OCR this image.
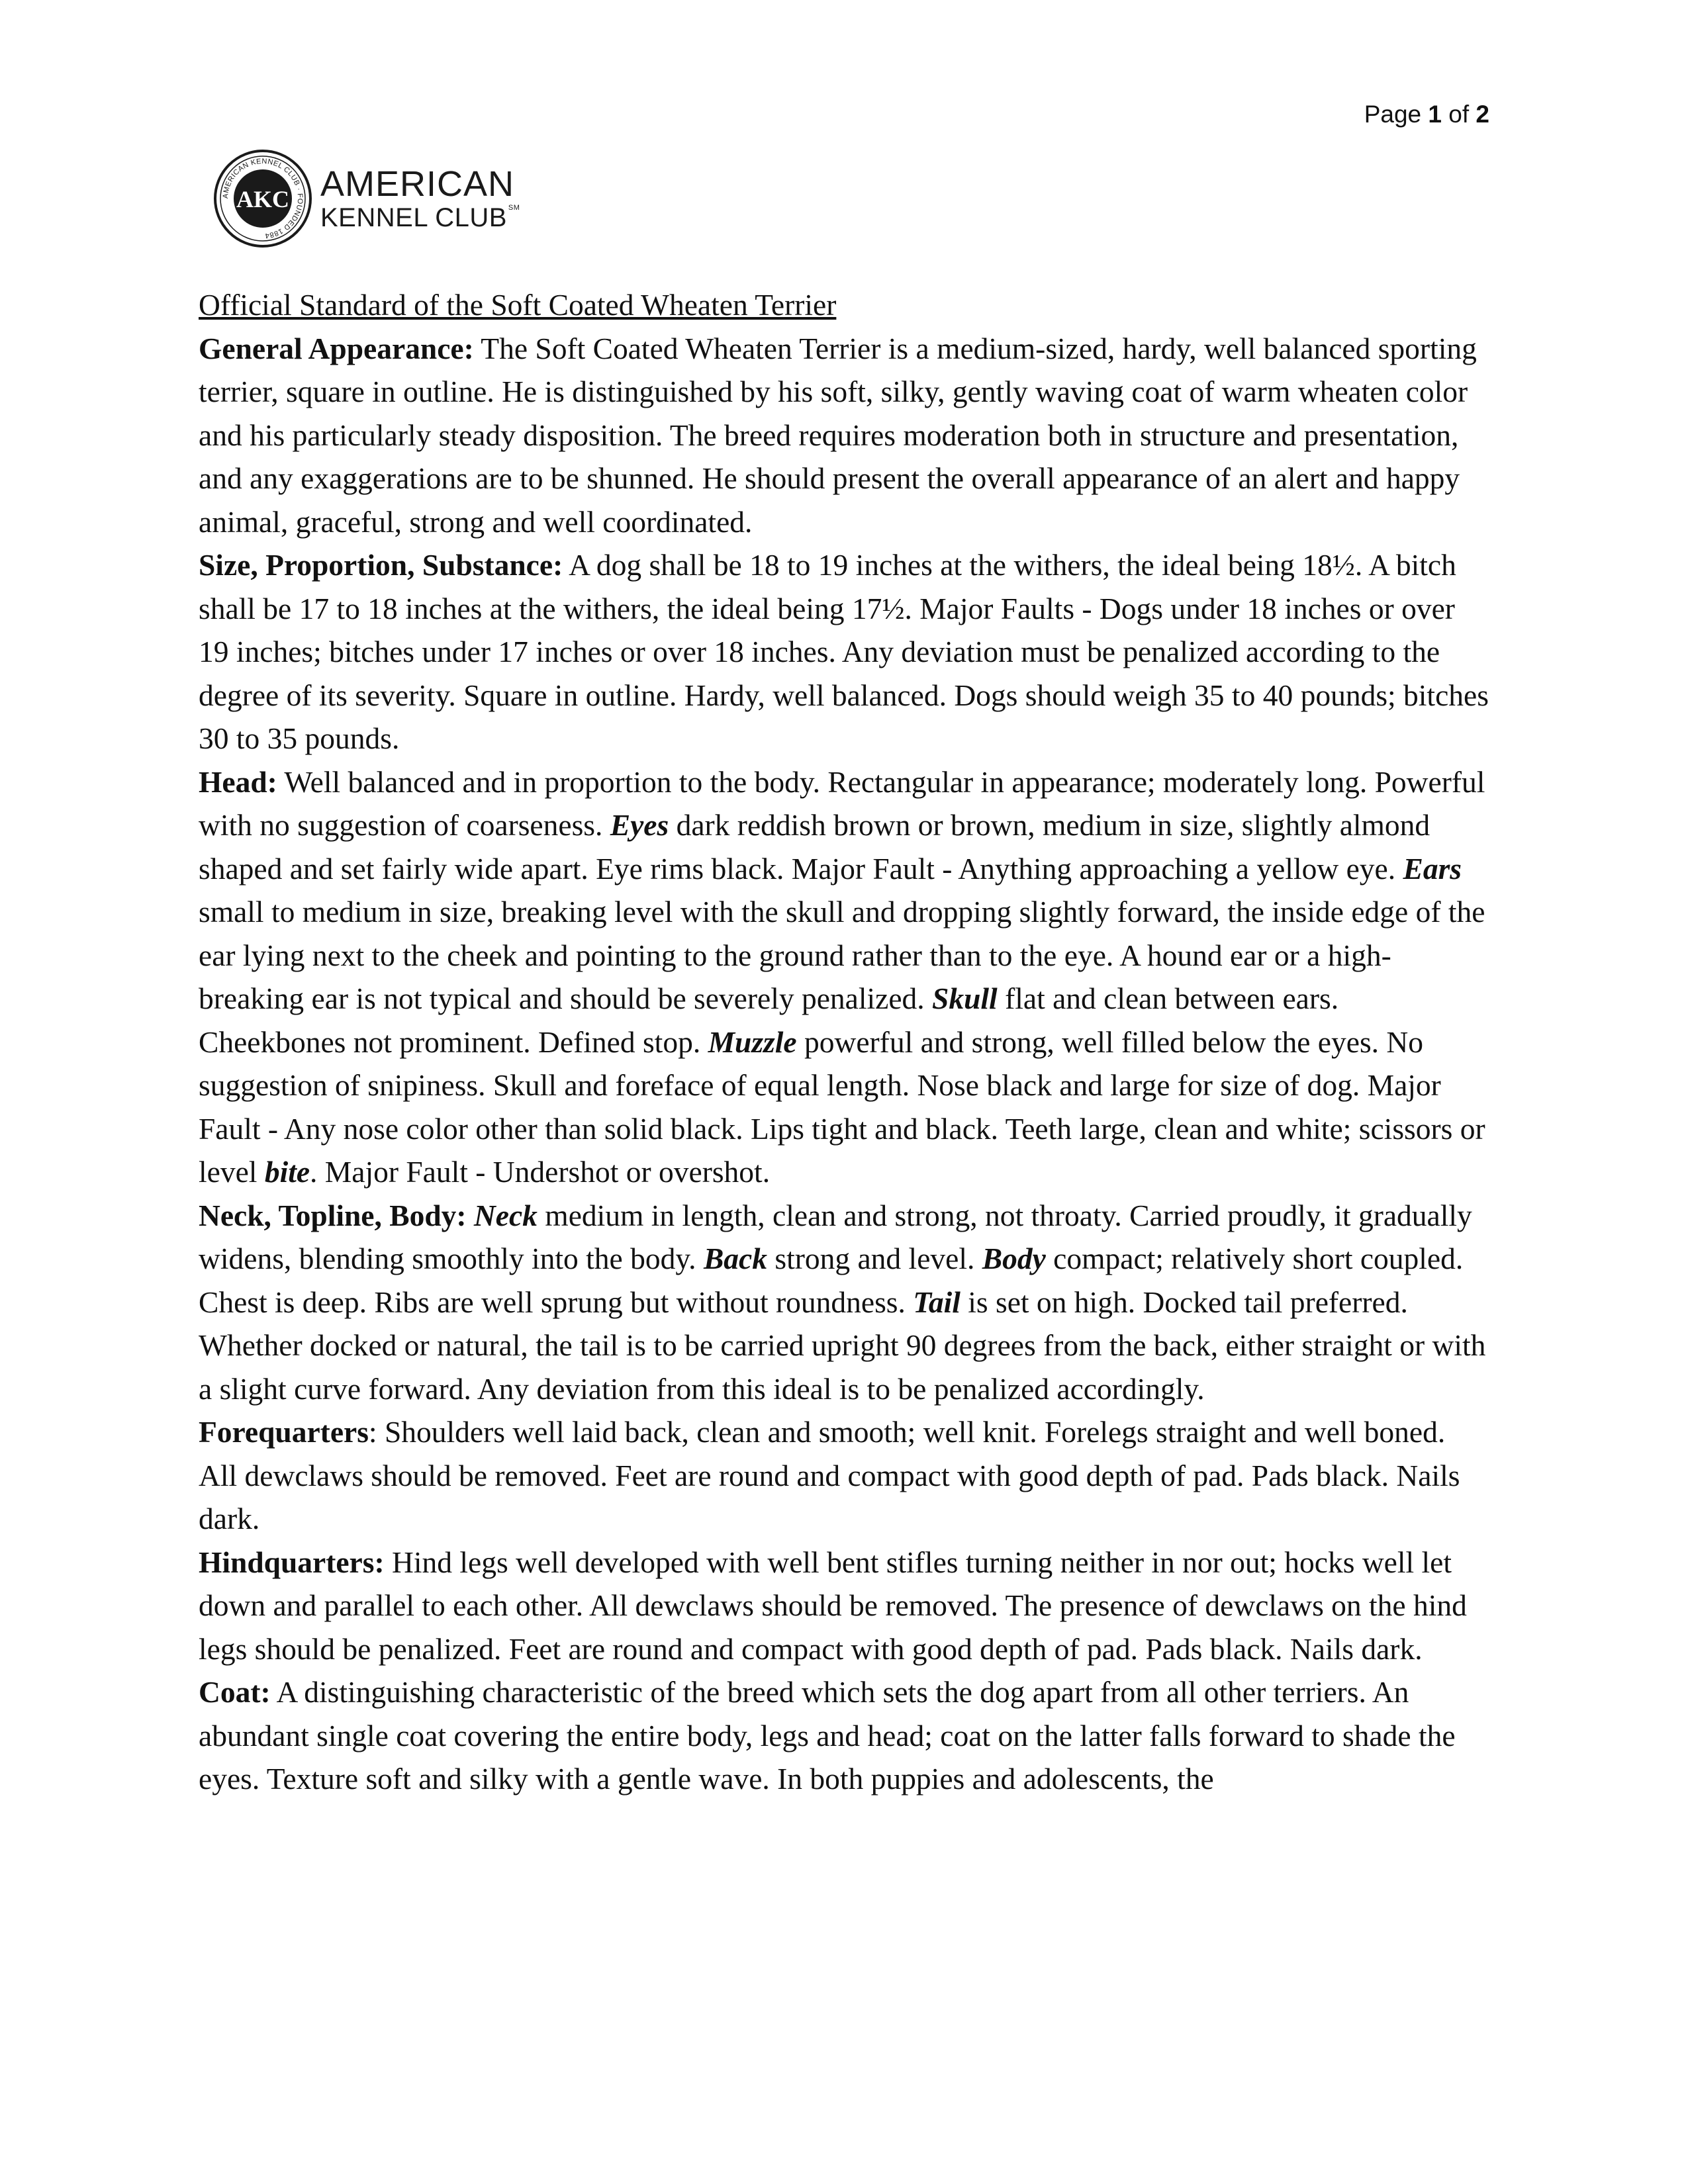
Page 1 of 2
AMERICAN KENNEL CLUB · FOUNDED 1884
AKC AMERICAN
KENNEL CLUB ℠
Official Standard of the Soft Coated Wheaten Terrier

General Appearance: The Soft Coated Wheaten Terrier is a medium-sized, hardy, well balanced sporting terrier, square in outline. He is distinguished by his soft, silky, gently waving coat of warm wheaten color and his particularly steady disposition. The breed requires moderation both in structure and presentation, and any exaggerations are to be shunned. He should present the overall appearance of an alert and happy animal, graceful, strong and well coordinated.

Size, Proportion, Substance: A dog shall be 18 to 19 inches at the withers, the ideal being 18½. A bitch shall be 17 to 18 inches at the withers, the ideal being 17½. Major Faults - Dogs under 18 inches or over 19 inches; bitches under 17 inches or over 18 inches. Any deviation must be penalized according to the degree of its severity. Square in outline. Hardy, well balanced. Dogs should weigh 35 to 40 pounds; bitches 30 to 35 pounds.

Head: Well balanced and in proportion to the body. Rectangular in appearance; moderately long. Powerful with no suggestion of coarseness. Eyes dark reddish brown or brown, medium in size, slightly almond shaped and set fairly wide apart. Eye rims black. Major Fault - Anything approaching a yellow eye. Ears small to medium in size, breaking level with the skull and dropping slightly forward, the inside edge of the ear lying next to the cheek and pointing to the ground rather than to the eye. A hound ear or a high-breaking ear is not typical and should be severely penalized. Skull flat and clean between ears. Cheekbones not prominent. Defined stop. Muzzle powerful and strong, well filled below the eyes. No suggestion of snipiness. Skull and foreface of equal length. Nose black and large for size of dog. Major Fault - Any nose color other than solid black. Lips tight and black. Teeth large, clean and white; scissors or level bite. Major Fault - Undershot or overshot.

Neck, Topline, Body: Neck medium in length, clean and strong, not throaty. Carried proudly, it gradually widens, blending smoothly into the body. Back strong and level. Body compact; relatively short coupled. Chest is deep. Ribs are well sprung but without roundness. Tail is set on high. Docked tail preferred. Whether docked or natural, the tail is to be carried upright 90 degrees from the back, either straight or with a slight curve forward. Any deviation from this ideal is to be penalized accordingly.

Forequarters: Shoulders well laid back, clean and smooth; well knit. Forelegs straight and well boned. All dewclaws should be removed. Feet are round and compact with good depth of pad. Pads black. Nails dark.

Hindquarters: Hind legs well developed with well bent stifles turning neither in nor out; hocks well let down and parallel to each other. All dewclaws should be removed. The presence of dewclaws on the hind legs should be penalized. Feet are round and compact with good depth of pad. Pads black. Nails dark.

Coat: A distinguishing characteristic of the breed which sets the dog apart from all other terriers. An abundant single coat covering the entire body, legs and head; coat on the latter falls forward to shade the eyes. Texture soft and silky with a gentle wave. In both puppies and adolescents, the
